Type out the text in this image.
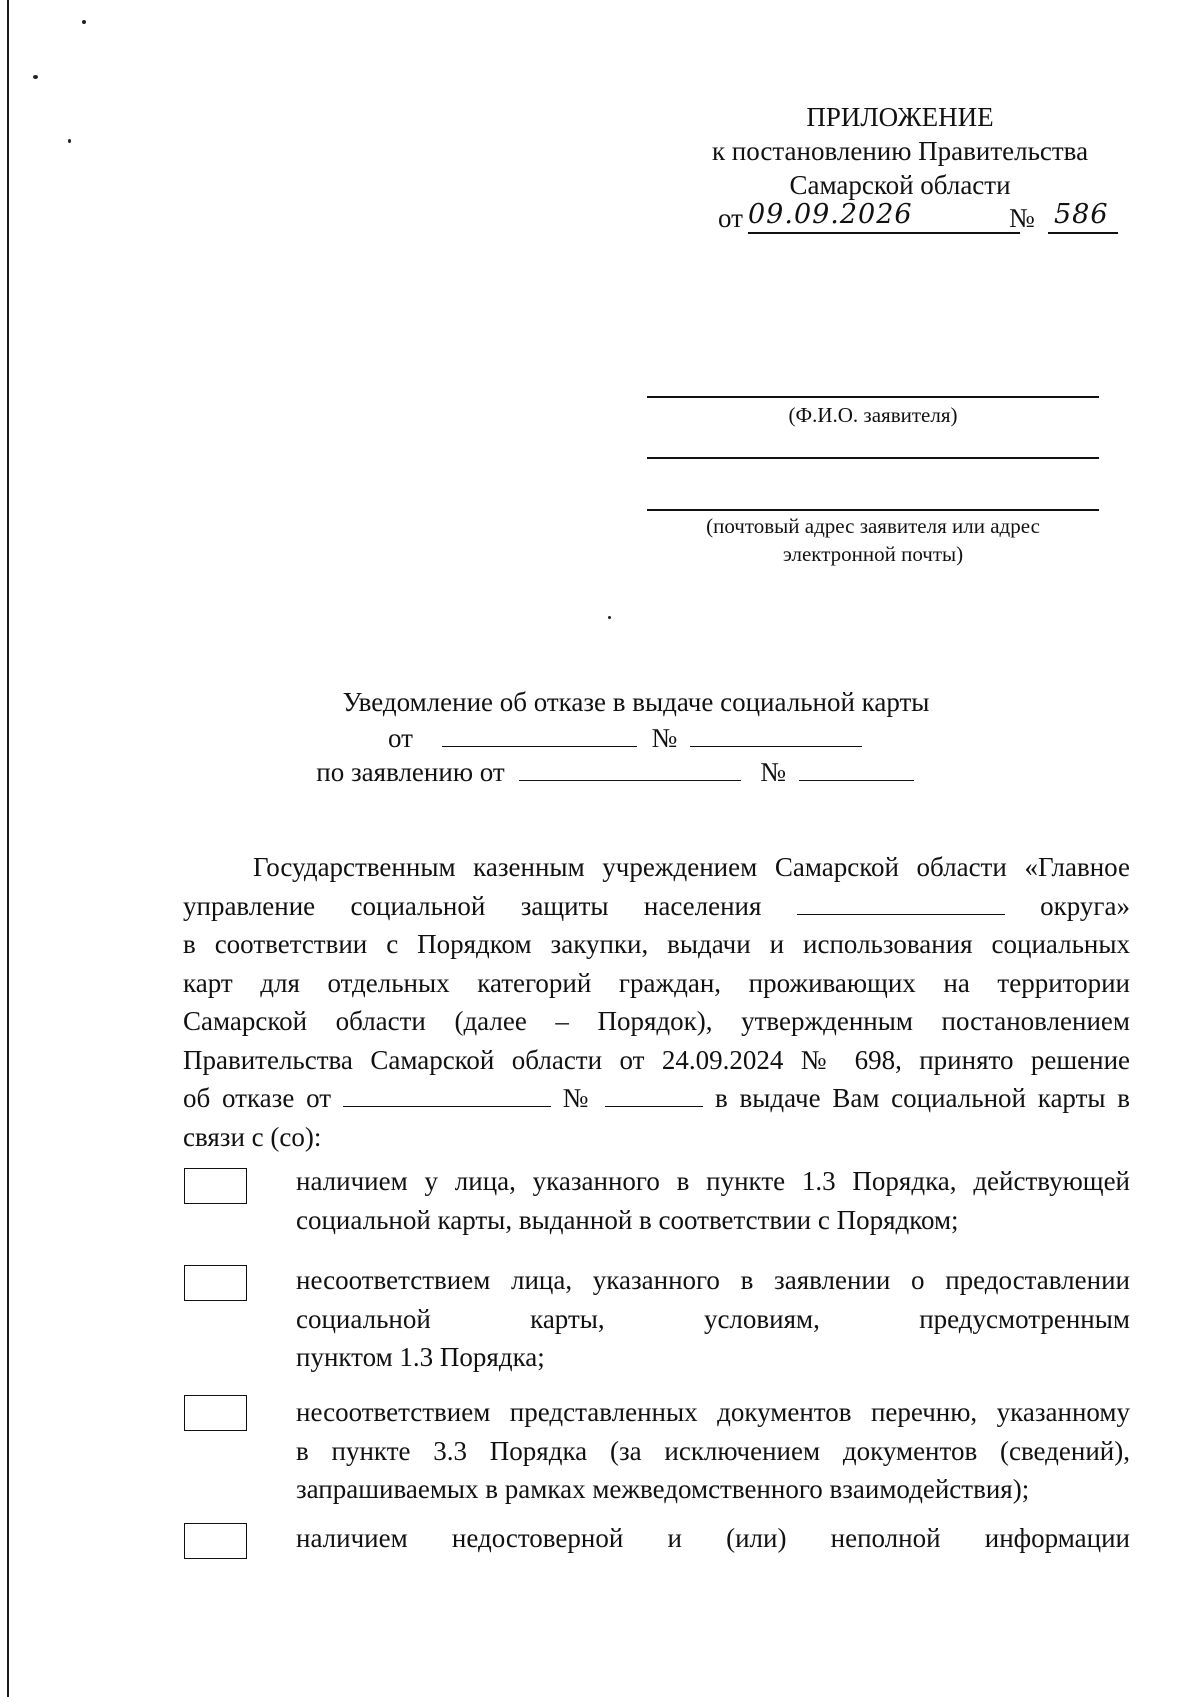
ПРИЛОЖЕНИЕ
к постановлению Правительства
Самарской области
от 09.09.2026	№ 586
(Ф.И.О. заявителя)
(почтовый адрес заявителя или адрес
электронной почты)
Уведомление об отказе в выдаче социальной карты
от	№
по заявлению от	№
Государственным казенным учреждением Самарской области «Главное
управление социальной защиты населения	округа»
в соответствии с Порядком закупки, выдачи и использования социальных
карт для отдельных категорий граждан, проживающих на территории
Самарской области (далее – Порядок), утвержденным постановлением
Правительства Самарской области от 24.09.2024 № 698, принято решение
об отказе от	№	в выдаче Вам социальной карты в
связи с (со):
наличием у лица, указанного в пункте 1.3 Порядка, действующей
социальной карты, выданной в соответствии с Порядком;
несоответствием лица, указанного в заявлении о предоставлении
социальной	карты,	условиям,	предусмотренным
пунктом 1.3 Порядка;
несоответствием представленных документов перечню, указанному
в пункте 3.3 Порядка (за исключением документов (сведений),
запрашиваемых в рамках межведомственного взаимодействия);
наличием недостоверной и (или) неполной информации
